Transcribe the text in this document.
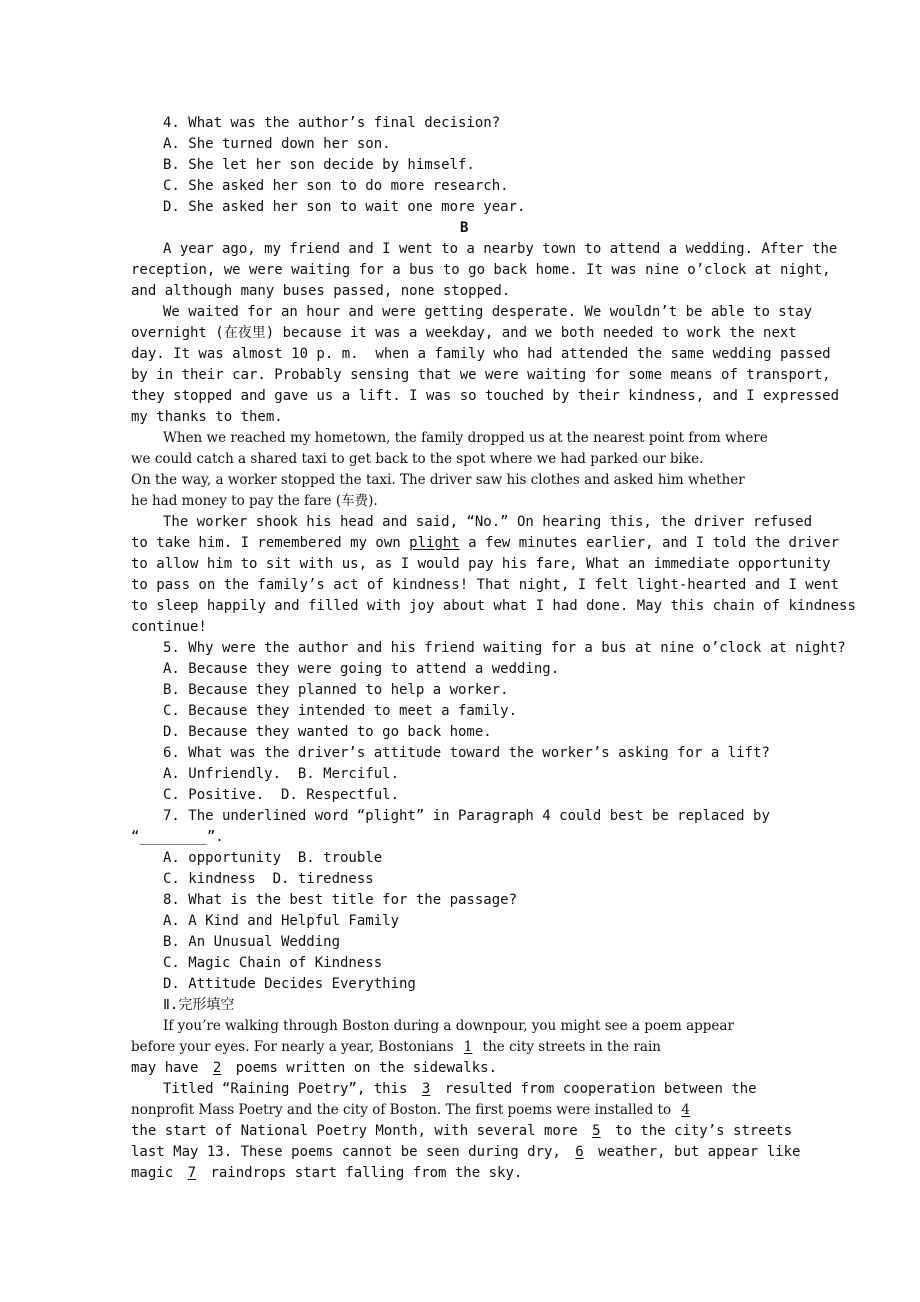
4. What was the author’s final decision?
A. She turned down her son.
B. She let her son decide by himself.
C. She asked her son to do more research.
D. She asked her son to wait one more year.
A year ago, my friend and I went to a nearby town to attend a wedding. After the
reception, we were waiting for a bus to go back home. It was nine o’clock at night,
and although many buses passed, none stopped.
We waited for an hour and were getting desperate. We wouldn’t be able to stay
overnight (在夜里) because it was a weekday, and we both needed to work the next
day. It was almost 10 p. m.  when a family who had attended the same wedding passed
by in their car. Probably sensing that we were waiting for some means of transport,
they stopped and gave us a lift. I was so touched by their kindness, and I expressed
my thanks to them.
When we reached my hometown, the family dropped us at the nearest point from where
we could catch a shared taxi to get back to the spot where we had parked our bike.
On the way, a worker stopped the taxi. The driver saw his clothes and asked him whether
he had money to pay the fare (车费).
The worker shook his head and said, “No.” On hearing this, the driver refused
to take him. I remembered my own plight a few minutes earlier, and I told the driver
to allow him to sit with us, as I would pay his fare, What an immediate opportunity
to pass on the family’s act of kindness! That night, I felt light-hearted and I went
to sleep happily and filled with joy about what I had done. May this chain of kindness
continue!
5. Why were the author and his friend waiting for a bus at nine o’clock at night?
A. Because they were going to attend a wedding.
B. Because they planned to help a worker.
C. Because they intended to meet a family.
D. Because they wanted to go back home.
6. What was the driver’s attitude toward the worker’s asking for a lift?
A. Unfriendly.  B. Merciful.
C. Positive.  D. Respectful.
7. The underlined word “plight” in Paragraph 4 could best be replaced by
“________”.
A. opportunity  B. trouble
C. kindness  D. tiredness
8. What is the best title for the passage?
A. A Kind and Helpful Family
B. An Unusual Wedding
C. Magic Chain of Kindness
D. Attitude Decides Everything
Ⅱ.完形填空
If you’re walking through Boston during a downpour, you might see a poem appear
before your eyes. For nearly a year, Bostonians 1 the city streets in the rain
may have 2 poems written on the sidewalks.
Titled “Raining Poetry”, this 3 resulted from cooperation between the
nonprofit Mass Poetry and the city of Boston. The first poems were installed to 4
the start of National Poetry Month, with several more 5 to the city’s streets
last May 13. These poems cannot be seen during dry, 6 weather, but appear like
magic 7 raindrops start falling from the sky.
